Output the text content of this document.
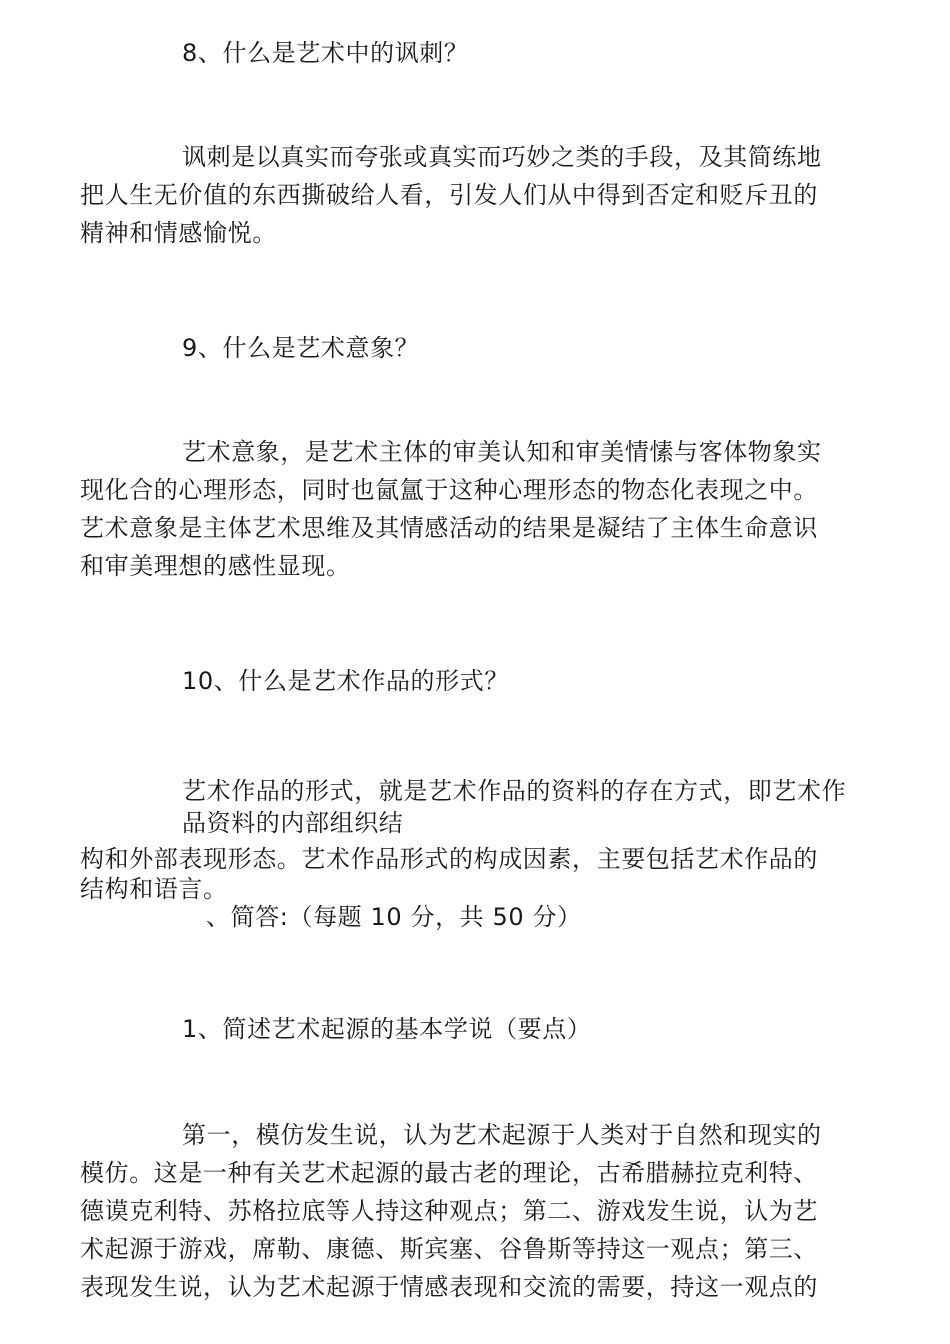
8、什么是艺术中的讽刺？
讽刺是以真实而夸张或真实而巧妙之类的手段，及其简练地
把人生无价值的东西撕破给人看，引发人们从中得到否定和贬斥丑的
精神和情感愉悦。
9、什么是艺术意象？
艺术意象，是艺术主体的审美认知和审美情愫与客体物象实
现化合的心理形态，同时也氤氲于这种心理形态的物态化表现之中。
艺术意象是主体艺术思维及其情感活动的结果是凝结了主体生命意识
和审美理想的感性显现。
10、什么是艺术作品的形式？
艺术作品的形式，就是艺术作品的资料的存在方式，即艺术作
品资料的内部组织结
构和外部表现形态。艺术作品形式的构成因素，主要包括艺术作品的
结构和语言。
、简答:（每题 10 分，共 50 分）
1、简述艺术起源的基本学说（要点）
第一，模仿发生说，认为艺术起源于人类对于自然和现实的
模仿。这是一种有关艺术起源的最古老的理论，古希腊赫拉克利特、
德谟克利特、苏格拉底等人持这种观点；第二、游戏发生说，认为艺
术起源于游戏，席勒、康德、斯宾塞、谷鲁斯等持这一观点；第三、
表现发生说，认为艺术起源于情感表现和交流的需要，持这一观点的
